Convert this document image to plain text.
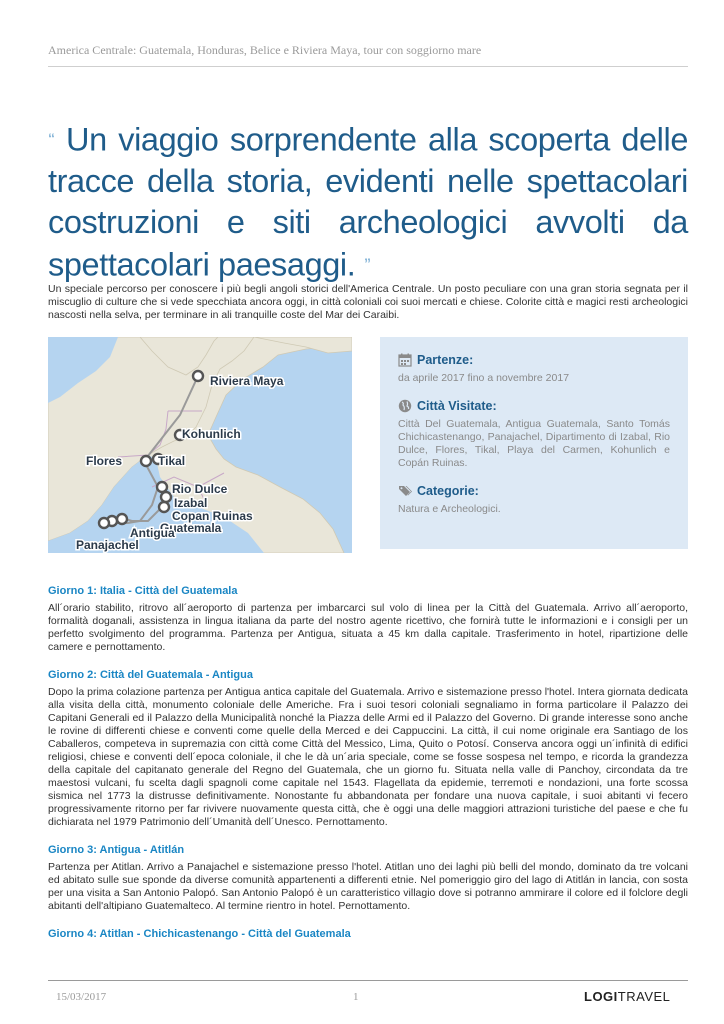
America Centrale: Guatemala, Honduras, Belice e Riviera Maya, tour con soggiorno mare
“ Un viaggio sorprendente alla scoperta delle tracce della storia, evidenti nelle spettacolari costruzioni e siti archeologici avvolti da spettacolari paesaggi. ”
Un speciale percorso per conoscere i più begli angoli storici dell'America Centrale. Un posto peculiare con una gran storia segnata per il miscuglio di culture che si vede specchiata ancora oggi, in città coloniali coi suoi mercati e chiese. Colorite città e magici resti archeologici nascosti nella selva, per terminare in ali tranquille coste del Mar dei Caraibi.
Riviera Maya
Kohunlich
Flores	Tikal
Rio Dulce
Izabal
Copan Ruinas
Guatemala
Antigua
Panajachel
Partenze:
da aprile 2017 fino a novembre 2017
Città Visitate:
Città Del Guatemala, Antigua Guatemala, Santo Tomás Chichicastenango, Panajachel, Dipartimento di Izabal, Rio Dulce, Flores, Tikal, Playa del Carmen, Kohunlich e Copán Ruinas.
Categorie:
Natura e Archeologici.
Giorno 1: Italia - Città del Guatemala
All´orario stabilito, ritrovo all´aeroporto di partenza per imbarcarci sul volo di linea per la Città del Guatemala. Arrivo all´aeroporto, formalità doganali, assistenza in lingua italiana da parte del nostro agente ricettivo, che fornirà tutte le informazioni e i consigli per un perfetto svolgimento del programma. Partenza per Antigua, situata a 45 km dalla capitale. Trasferimento in hotel, ripartizione delle camere e pernottamento.
Giorno 2: Città del Guatemala - Antigua
Dopo la prima colazione partenza per Antigua antica capitale del Guatemala. Arrivo e sistemazione presso l'hotel. Intera giornata dedicata alla visita della città, monumento coloniale delle Americhe. Fra i suoi tesori coloniali segnaliamo in forma particolare il Palazzo dei Capitani Generali ed il Palazzo della Municipalità nonché la Piazza delle Armi ed il Palazzo del Governo. Di grande interesse sono anche le rovine di differenti chiese e conventi come quelle della Merced e dei Cappuccini. La città, il cui nome originale era Santiago de los Caballeros, competeva in supremazia con città come Città del Messico, Lima, Quito o Potosí. Conserva ancora oggi un´infinità di edifici religiosi, chiese e conventi dell´epoca coloniale, il che le dà un´aria speciale, come se fosse sospesa nel tempo, e ricorda la grandezza della capitale del capitanato generale del Regno del Guatemala, che un giorno fu. Situata nella valle di Panchoy, circondata da tre maestosi vulcani, fu scelta dagli spagnoli come capitale nel 1543. Flagellata da epidemie, terremoti e nondazioni, una forte scossa sismica nel 1773 la distrusse definitivamente. Nonostante fu abbandonata per fondare una nuova capitale, i suoi abitanti vi fecero progressivamente ritorno per far rivivere nuovamente questa città, che è oggi una delle maggiori attrazioni turistiche del paese e che fu dichiarata nel 1979 Patrimonio dell´Umanità dell´Unesco. Pernottamento.
Giorno 3: Antigua - Atitlán
Partenza per Atitlan. Arrivo a Panajachel e sistemazione presso l'hotel. Atitlan uno dei laghi più belli del mondo, dominato da tre volcani ed abitato sulle sue sponde da diverse comunità appartenenti a differenti etnie. Nel pomeriggio giro del lago di Atitlán in lancia, con sosta per una visita a San Antonio Palopó. San Antonio Palopó è un caratteristico villagio dove si potranno ammirare il colore ed il folclore degli abitanti dell'altipiano Guatemalteco. Al termine rientro in hotel. Pernottamento.
Giorno 4: Atitlan - Chichicastenango - Città del Guatemala
15/03/2017	1	LOGITRAVEL
